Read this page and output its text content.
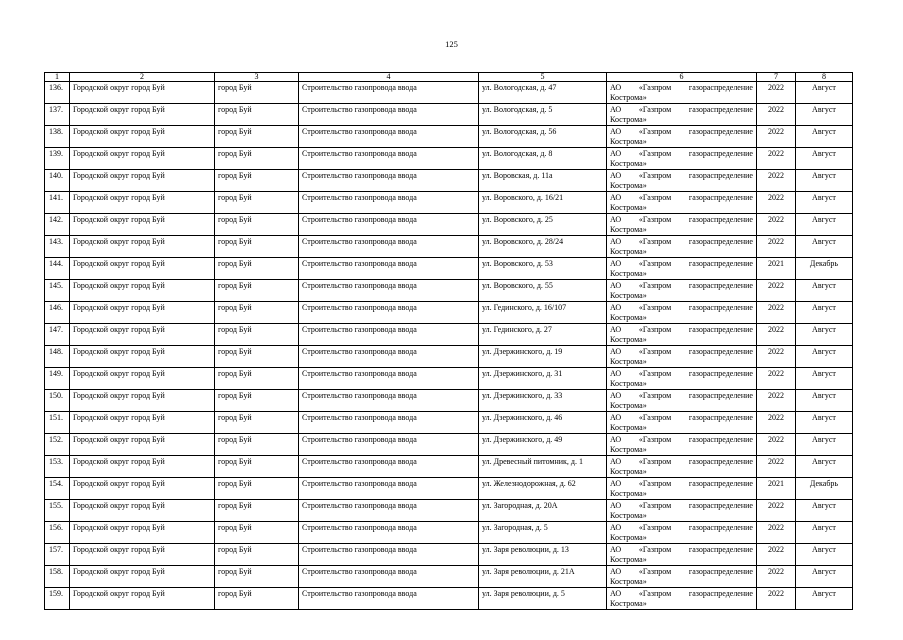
125
1	2	3	4	5	6	7	8
136.	Городской округ город Буй	город Буй	Строительство газопровода ввода	ул. Вологодская, д. 47	АО «Газпром газораспределение
Кострома»	2022	Август
137.	Городской округ город Буй	город Буй	Строительство газопровода ввода	ул. Вологодская, д. 5	АО «Газпром газораспределение
Кострома»	2022	Август
138.	Городской округ город Буй	город Буй	Строительство газопровода ввода	ул. Вологодская, д. 56	АО «Газпром газораспределение
Кострома»	2022	Август
139.	Городской округ город Буй	город Буй	Строительство газопровода ввода	ул. Вологодская, д. 8	АО «Газпром газораспределение
Кострома»	2022	Август
140.	Городской округ город Буй	город Буй	Строительство газопровода ввода	ул. Воровская, д. 11а	АО «Газпром газораспределение
Кострома»	2022	Август
141.	Городской округ город Буй	город Буй	Строительство газопровода ввода	ул. Воровского, д. 16/21	АО «Газпром газораспределение
Кострома»	2022	Август
142.	Городской округ город Буй	город Буй	Строительство газопровода ввода	ул. Воровского, д. 25	АО «Газпром газораспределение
Кострома»	2022	Август
143.	Городской округ город Буй	город Буй	Строительство газопровода ввода	ул. Воровского, д. 28/24	АО «Газпром газораспределение
Кострома»	2022	Август
144.	Городской округ город Буй	город Буй	Строительство газопровода ввода	ул. Воровского, д. 53	АО «Газпром газораспределение
Кострома»	2021	Декабрь
145.	Городской округ город Буй	город Буй	Строительство газопровода ввода	ул. Воровского, д. 55	АО «Газпром газораспределение
Кострома»	2022	Август
146.	Городской округ город Буй	город Буй	Строительство газопровода ввода	ул. Гединского, д. 16/107	АО «Газпром газораспределение
Кострома»	2022	Август
147.	Городской округ город Буй	город Буй	Строительство газопровода ввода	ул. Гединского, д. 27	АО «Газпром газораспределение
Кострома»	2022	Август
148.	Городской округ город Буй	город Буй	Строительство газопровода ввода	ул. Дзержинского, д. 19	АО «Газпром газораспределение
Кострома»	2022	Август
149.	Городской округ город Буй	город Буй	Строительство газопровода ввода	ул. Дзержинского, д. 31	АО «Газпром газораспределение
Кострома»	2022	Август
150.	Городской округ город Буй	город Буй	Строительство газопровода ввода	ул. Дзержинского, д. 33	АО «Газпром газораспределение
Кострома»	2022	Август
151.	Городской округ город Буй	город Буй	Строительство газопровода ввода	ул. Дзержинского, д. 46	АО «Газпром газораспределение
Кострома»	2022	Август
152.	Городской округ город Буй	город Буй	Строительство газопровода ввода	ул. Дзержинского, д. 49	АО «Газпром газораспределение
Кострома»	2022	Август
153.	Городской округ город Буй	город Буй	Строительство газопровода ввода	ул. Древесный питомник, д. 1	АО «Газпром газораспределение
Кострома»	2022	Август
154.	Городской округ город Буй	город Буй	Строительство газопровода ввода	ул. Железнодорожная, д. 62	АО «Газпром газораспределение
Кострома»	2021	Декабрь
155.	Городской округ город Буй	город Буй	Строительство газопровода ввода	ул. Загородная, д. 20А	АО «Газпром газораспределение
Кострома»	2022	Август
156.	Городской округ город Буй	город Буй	Строительство газопровода ввода	ул. Загородная, д. 5	АО «Газпром газораспределение
Кострома»	2022	Август
157.	Городской округ город Буй	город Буй	Строительство газопровода ввода	ул. Заря революции, д. 13	АО «Газпром газораспределение
Кострома»	2022	Август
158.	Городской округ город Буй	город Буй	Строительство газопровода ввода	ул. Заря революции, д. 21А	АО «Газпром газораспределение
Кострома»	2022	Август
159.	Городской округ город Буй	город Буй	Строительство газопровода ввода	ул. Заря революции, д. 5	АО «Газпром газораспределение
Кострома»	2022	Август
